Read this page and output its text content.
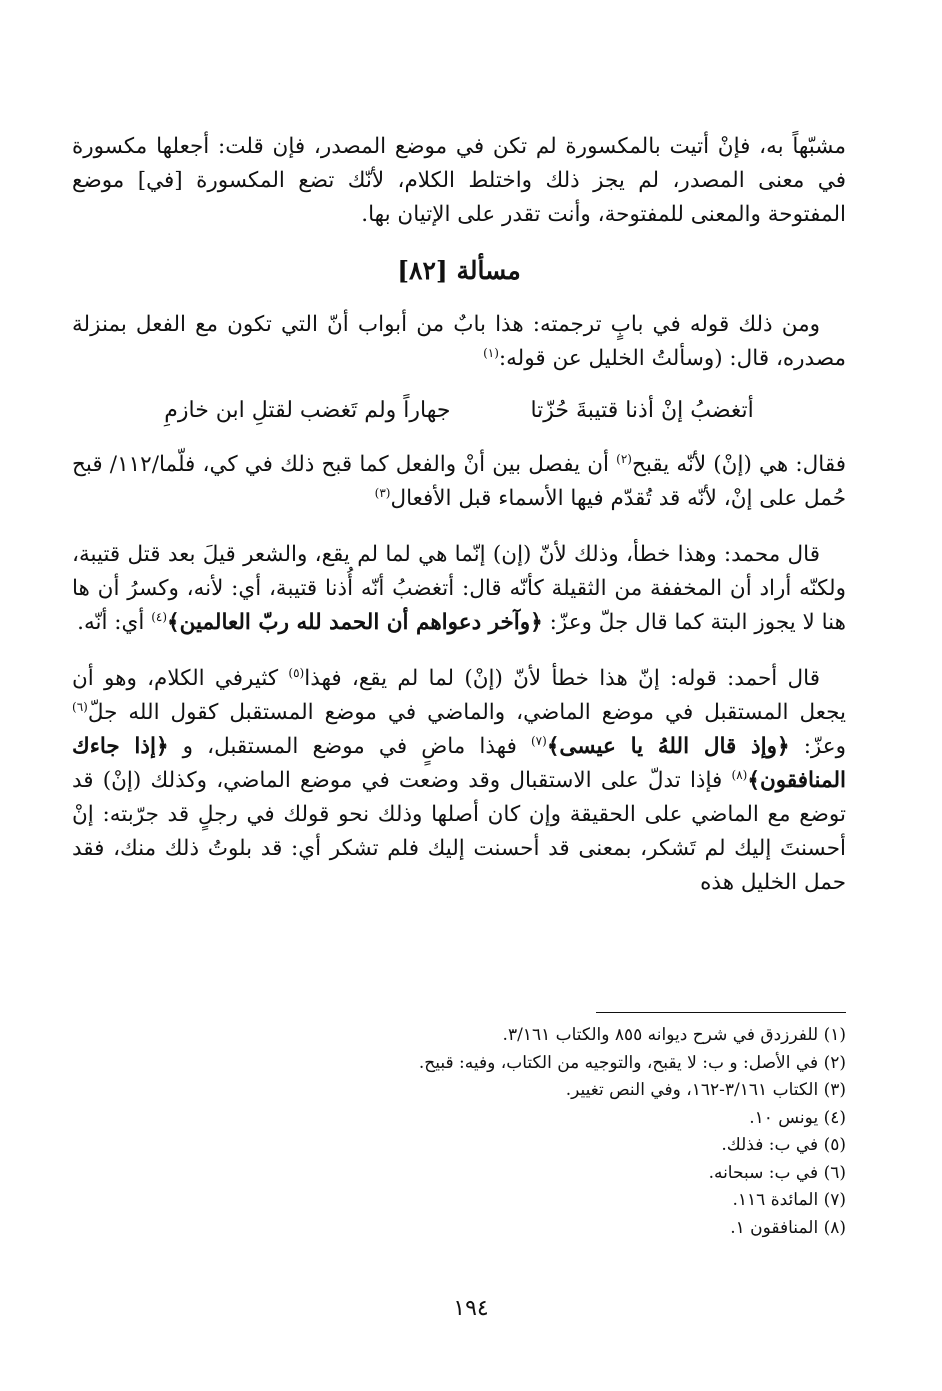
مشبّهاً به، فإنْ أتيت بالمكسورة لم تكن في موضع المصدر، فإن قلت: أجعلها مكسورة في معنى المصدر، لم يجز ذلك واختلط الكلام، لأنّك تضع المكسورة [في] موضع المفتوحة والمعنى للمفتوحة، وأنت تقدر على الإتيان بها.

مسألة [٨٢]

ومن ذلك قوله في بابٍ ترجمته: هذا بابٌ من أبواب أنّ التي تكون مع الفعل بمنزلة مصدره، قال: (وسألتُ الخليل عن قوله:$^{(١)}$

أتغضبُ إنْ أذنا قتيبةَ حُزّتا
جهاراً ولم تَغضب لقتلِ ابن خازمِ

فقال: هي (إنْ) لأنّه يقبح$^{(٢)}$ أن يفصل بين أنْ والفعل كما قبح ذلك في كي، فلّما/١١٢/ قبح حُمل على إنْ، لأنّه قد تُقدّم فيها الأسماء قبل الأفعال$^{(٣)}$

قال محمد: وهذا خطأ، وذلك لأنّ (إن) إنّما هي لما لم يقع، والشعر قيلَ بعد قتل قتيبة، ولكنّه أراد أن المخففة من الثقيلة كأنّه قال: أتغضبُ أنّه أُذنا قتيبة، أي: لأنه، وكسرُ أن ها هنا لا يجوز البتة كما قال جلّ وعزّ: ﴿وآخر دعواهم أن الحمد لله ربّ العالمين﴾$^{(٤)}$ أي: أنّه.

قال أحمد: قوله: إنّ هذا خطأ لأنّ (إنْ) لما لم يقع، فهذا$^{(٥)}$ كثيرفي الكلام، وهو أن يجعل المستقبل في موضع الماضي، والماضي في موضع المستقبل كقول الله جلّ$^{(٦)}$ وعزّ: ﴿وإذ قال اللهُ يا عيسى﴾$^{(٧)}$ فهذا ماضٍ في موضع المستقبل، و ﴿إذا جاءك المنافقون﴾$^{(٨)}$ فإذا تدلّ على الاستقبال وقد وضعت في موضع الماضي، وكذلك (إنْ) قد توضع مع الماضي على الحقيقة وإن كان أصلها وذلك نحو قولك في رجلٍ قد جرّبته: إنْ أحسنتَ إليك لم تَشكر، بمعنى قد أحسنت إليك فلم تشكر أي: قد بلوتُ ذلك منك، فقد حمل الخليل هذه

(١) للفرزدق في شرح ديوانه ٨٥٥ والكتاب ٣/١٦١.
(٢) في الأصل: و ب: لا يقبح، والتوجيه من الكتاب، وفيه: قبيح.
(٣) الكتاب ٣/١٦١-١٦٢، وفي النص تغيير.
(٤) يونس ١٠.
(٥) في ب: فذلك.
(٦) في ب: سبحانه.
(٧) المائدة ١١٦.
(٨) المنافقون ١.
١٩٤
